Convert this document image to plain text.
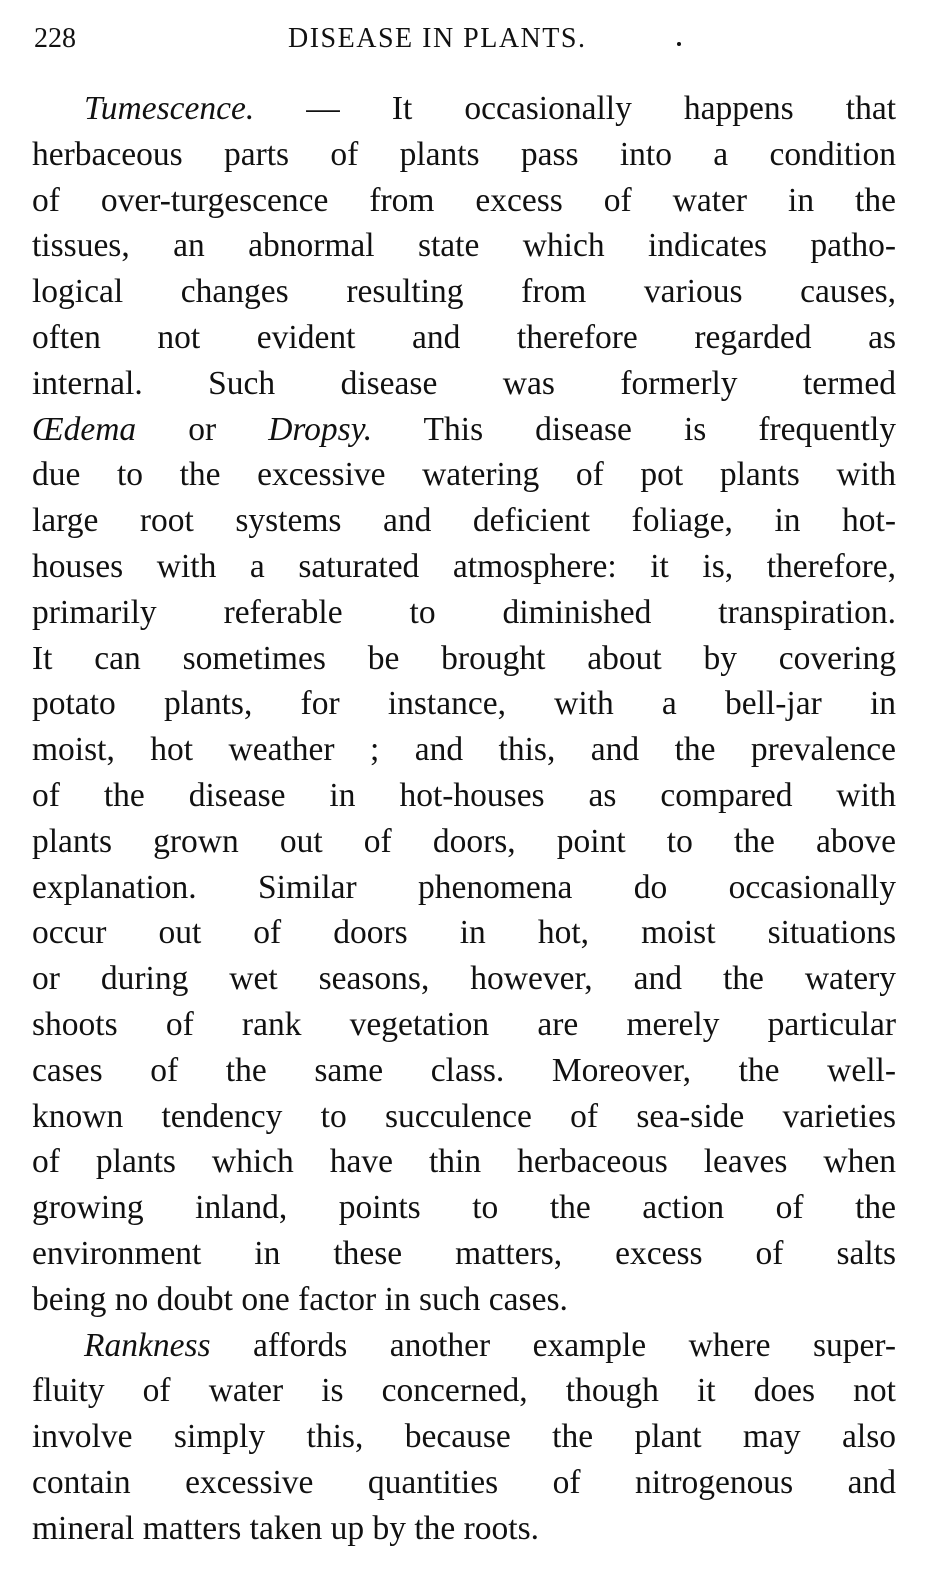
228	DISEASE IN PLANTS.
Tumescence. — It occasionally happens that
herbaceous parts of plants pass into a condition
of over-turgescence from excess of water in the
tissues, an abnormal state which indicates patho-
logical changes resulting from various causes,
often not evident and therefore regarded as
internal. Such disease was formerly termed
Œdema or Dropsy. This disease is frequently
due to the excessive watering of pot plants with
large root systems and deficient foliage, in hot-
houses with a saturated atmosphere: it is, therefore,
primarily referable to diminished transpiration.
It can sometimes be brought about by covering
potato plants, for instance, with a bell-jar in
moist, hot weather ; and this, and the prevalence
of the disease in hot-houses as compared with
plants grown out of doors, point to the above
explanation. Similar phenomena do occasionally
occur out of doors in hot, moist situations
or during wet seasons, however, and the watery
shoots of rank vegetation are merely particular
cases of the same class. Moreover, the well-
known tendency to succulence of sea-side varieties
of plants which have thin herbaceous leaves when
growing inland, points to the action of the
environment in these matters, excess of salts
being no doubt one factor in such cases.
Rankness affords another example where super-
fluity of water is concerned, though it does not
involve simply this, because the plant may also
contain excessive quantities of nitrogenous and
mineral matters taken up by the roots.
